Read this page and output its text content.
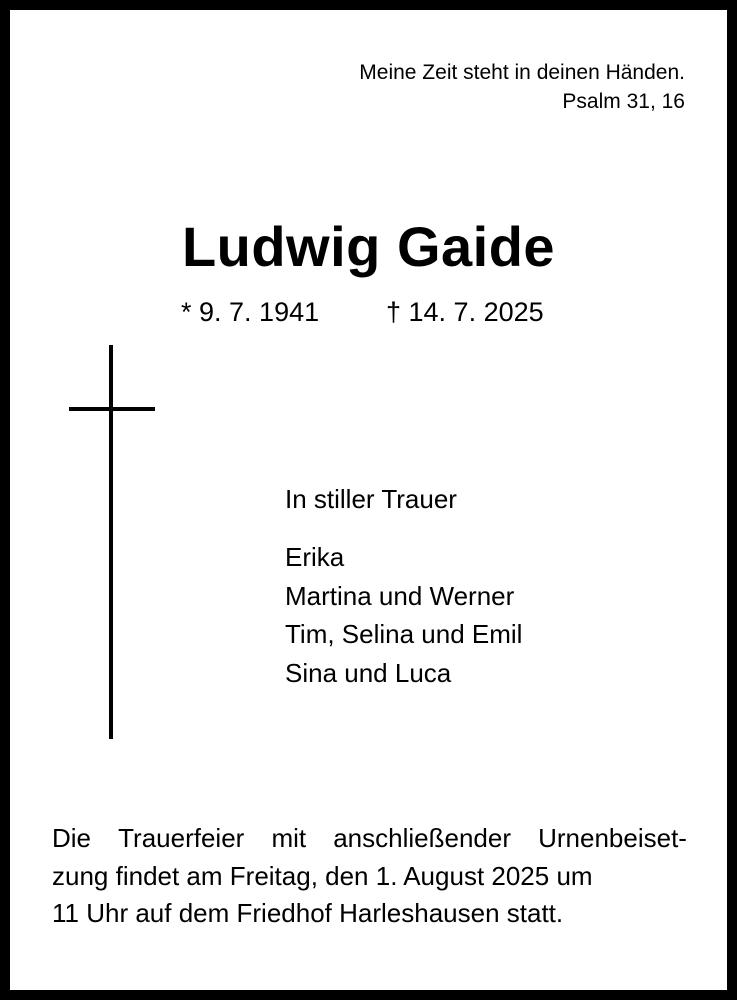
Meine Zeit steht in deinen Händen.
Psalm 31, 16
Ludwig Gaide
* 9. 7. 1941 † 14. 7. 2025
In stiller Trauer
Erika
Martina und Werner
Tim, Selina und Emil
Sina und Luca
Die Trauerfeier mit anschließender Urnenbeiset-
zung findet am Freitag, den 1. August 2025 um
11 Uhr auf dem Friedhof Harleshausen statt.
